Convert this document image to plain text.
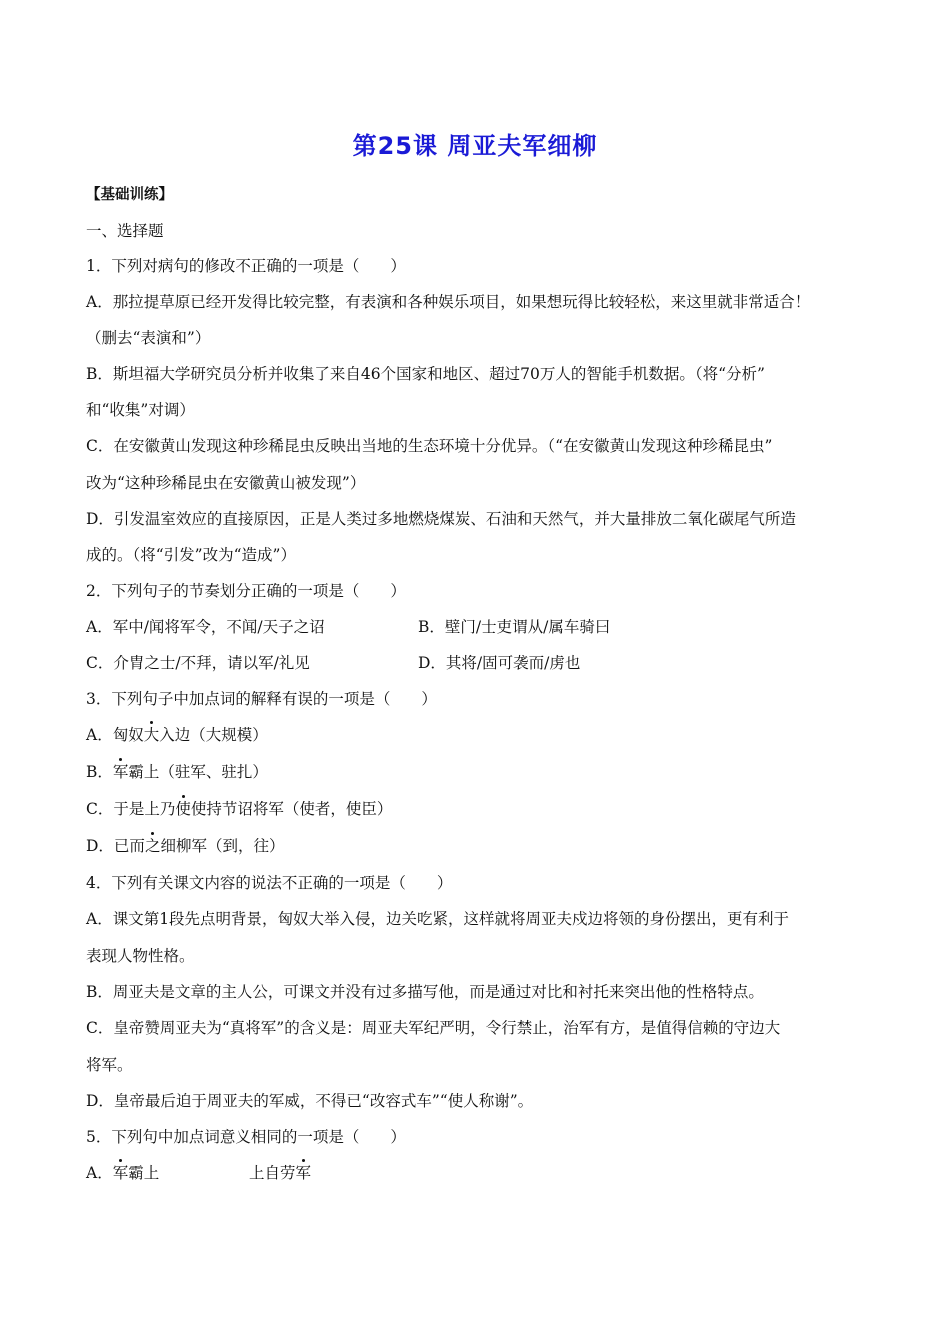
第25课 周亚夫军细柳
【基础训练】
一、选择题
1．下列对病句的修改不正确的一项是（　　）
A．那拉提草原已经开发得比较完整，有表演和各种娱乐项目，如果想玩得比较轻松，来这里就非常适合！
（删去“表演和”）
B．斯坦福大学研究员分析并收集了来自46个国家和地区、超过70万人的智能手机数据。（将“分析”
和“收集”对调）
C．在安徽黄山发现这种珍稀昆虫反映出当地的生态环境十分优异。（“在安徽黄山发现这种珍稀昆虫”
改为“这种珍稀昆虫在安徽黄山被发现”）
D．引发温室效应的直接原因，正是人类过多地燃烧煤炭、石油和天然气，并大量排放二氧化碳尾气所造
成的。（将“引发”改为“造成”）
2．下列句子的节奏划分正确的一项是（　　）
A．军中/闻将军令，不闻/天子之诏	B．壁门/士吏谓从/属车骑曰
C．介胄之士/不拜，请以军/礼见	D．其将/固可袭而/虏也
3．下列句子中加点词的解释有误的一项是（　　）
A．匈奴大入边（大规模）
B．军霸上（驻军、驻扎）
C．于是上乃使使持节诏将军（使者，使臣）
D．已而之细柳军（到，往）
4．下列有关课文内容的说法不正确的一项是（　　）
A．课文第1段先点明背景，匈奴大举入侵，边关吃紧，这样就将周亚夫戍边将领的身份摆出，更有利于
表现人物性格。
B．周亚夫是文章的主人公，可课文并没有过多描写他，而是通过对比和衬托来突出他的性格特点。
C．皇帝赞周亚夫为“真将军”的含义是：周亚夫军纪严明，令行禁止，治军有方，是值得信赖的守边大
将军。
D．皇帝最后迫于周亚夫的军威，不得已“改容式车”“使人称谢”。
5．下列句中加点词意义相同的一项是（　　）
A．军霸上	上自劳军
